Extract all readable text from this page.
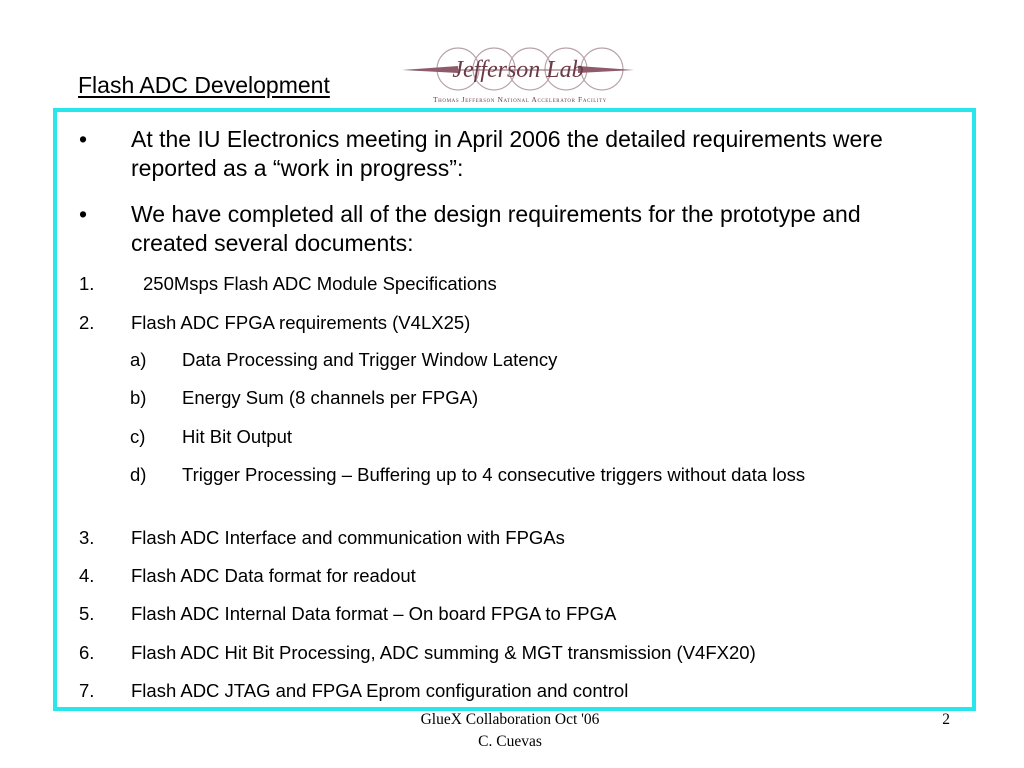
Flash ADC Development
Jefferson Lab
Thomas Jefferson National Accelerator Facility
• At the IU Electronics meeting in April 2006 the detailed requirements were reported as a “work in progress”:
• We have completed all of the design requirements for the prototype and created several documents:
1.	250Msps Flash ADC Module Specifications
2. Flash ADC FPGA requirements (V4LX25)
a) Data Processing and Trigger Window Latency
b) Energy Sum (8 channels per FPGA)
c) Hit Bit Output
d) Trigger Processing – Buffering up to 4 consecutive triggers without data loss
3. Flash ADC Interface and communication with FPGAs
4. Flash ADC Data format for readout
5. Flash ADC Internal Data format – On board FPGA to FPGA
6. Flash ADC Hit Bit Processing, ADC summing & MGT transmission (V4FX20)
7. Flash ADC JTAG and FPGA Eprom configuration and control
GlueX Collaboration Oct '06
C. Cuevas
2
